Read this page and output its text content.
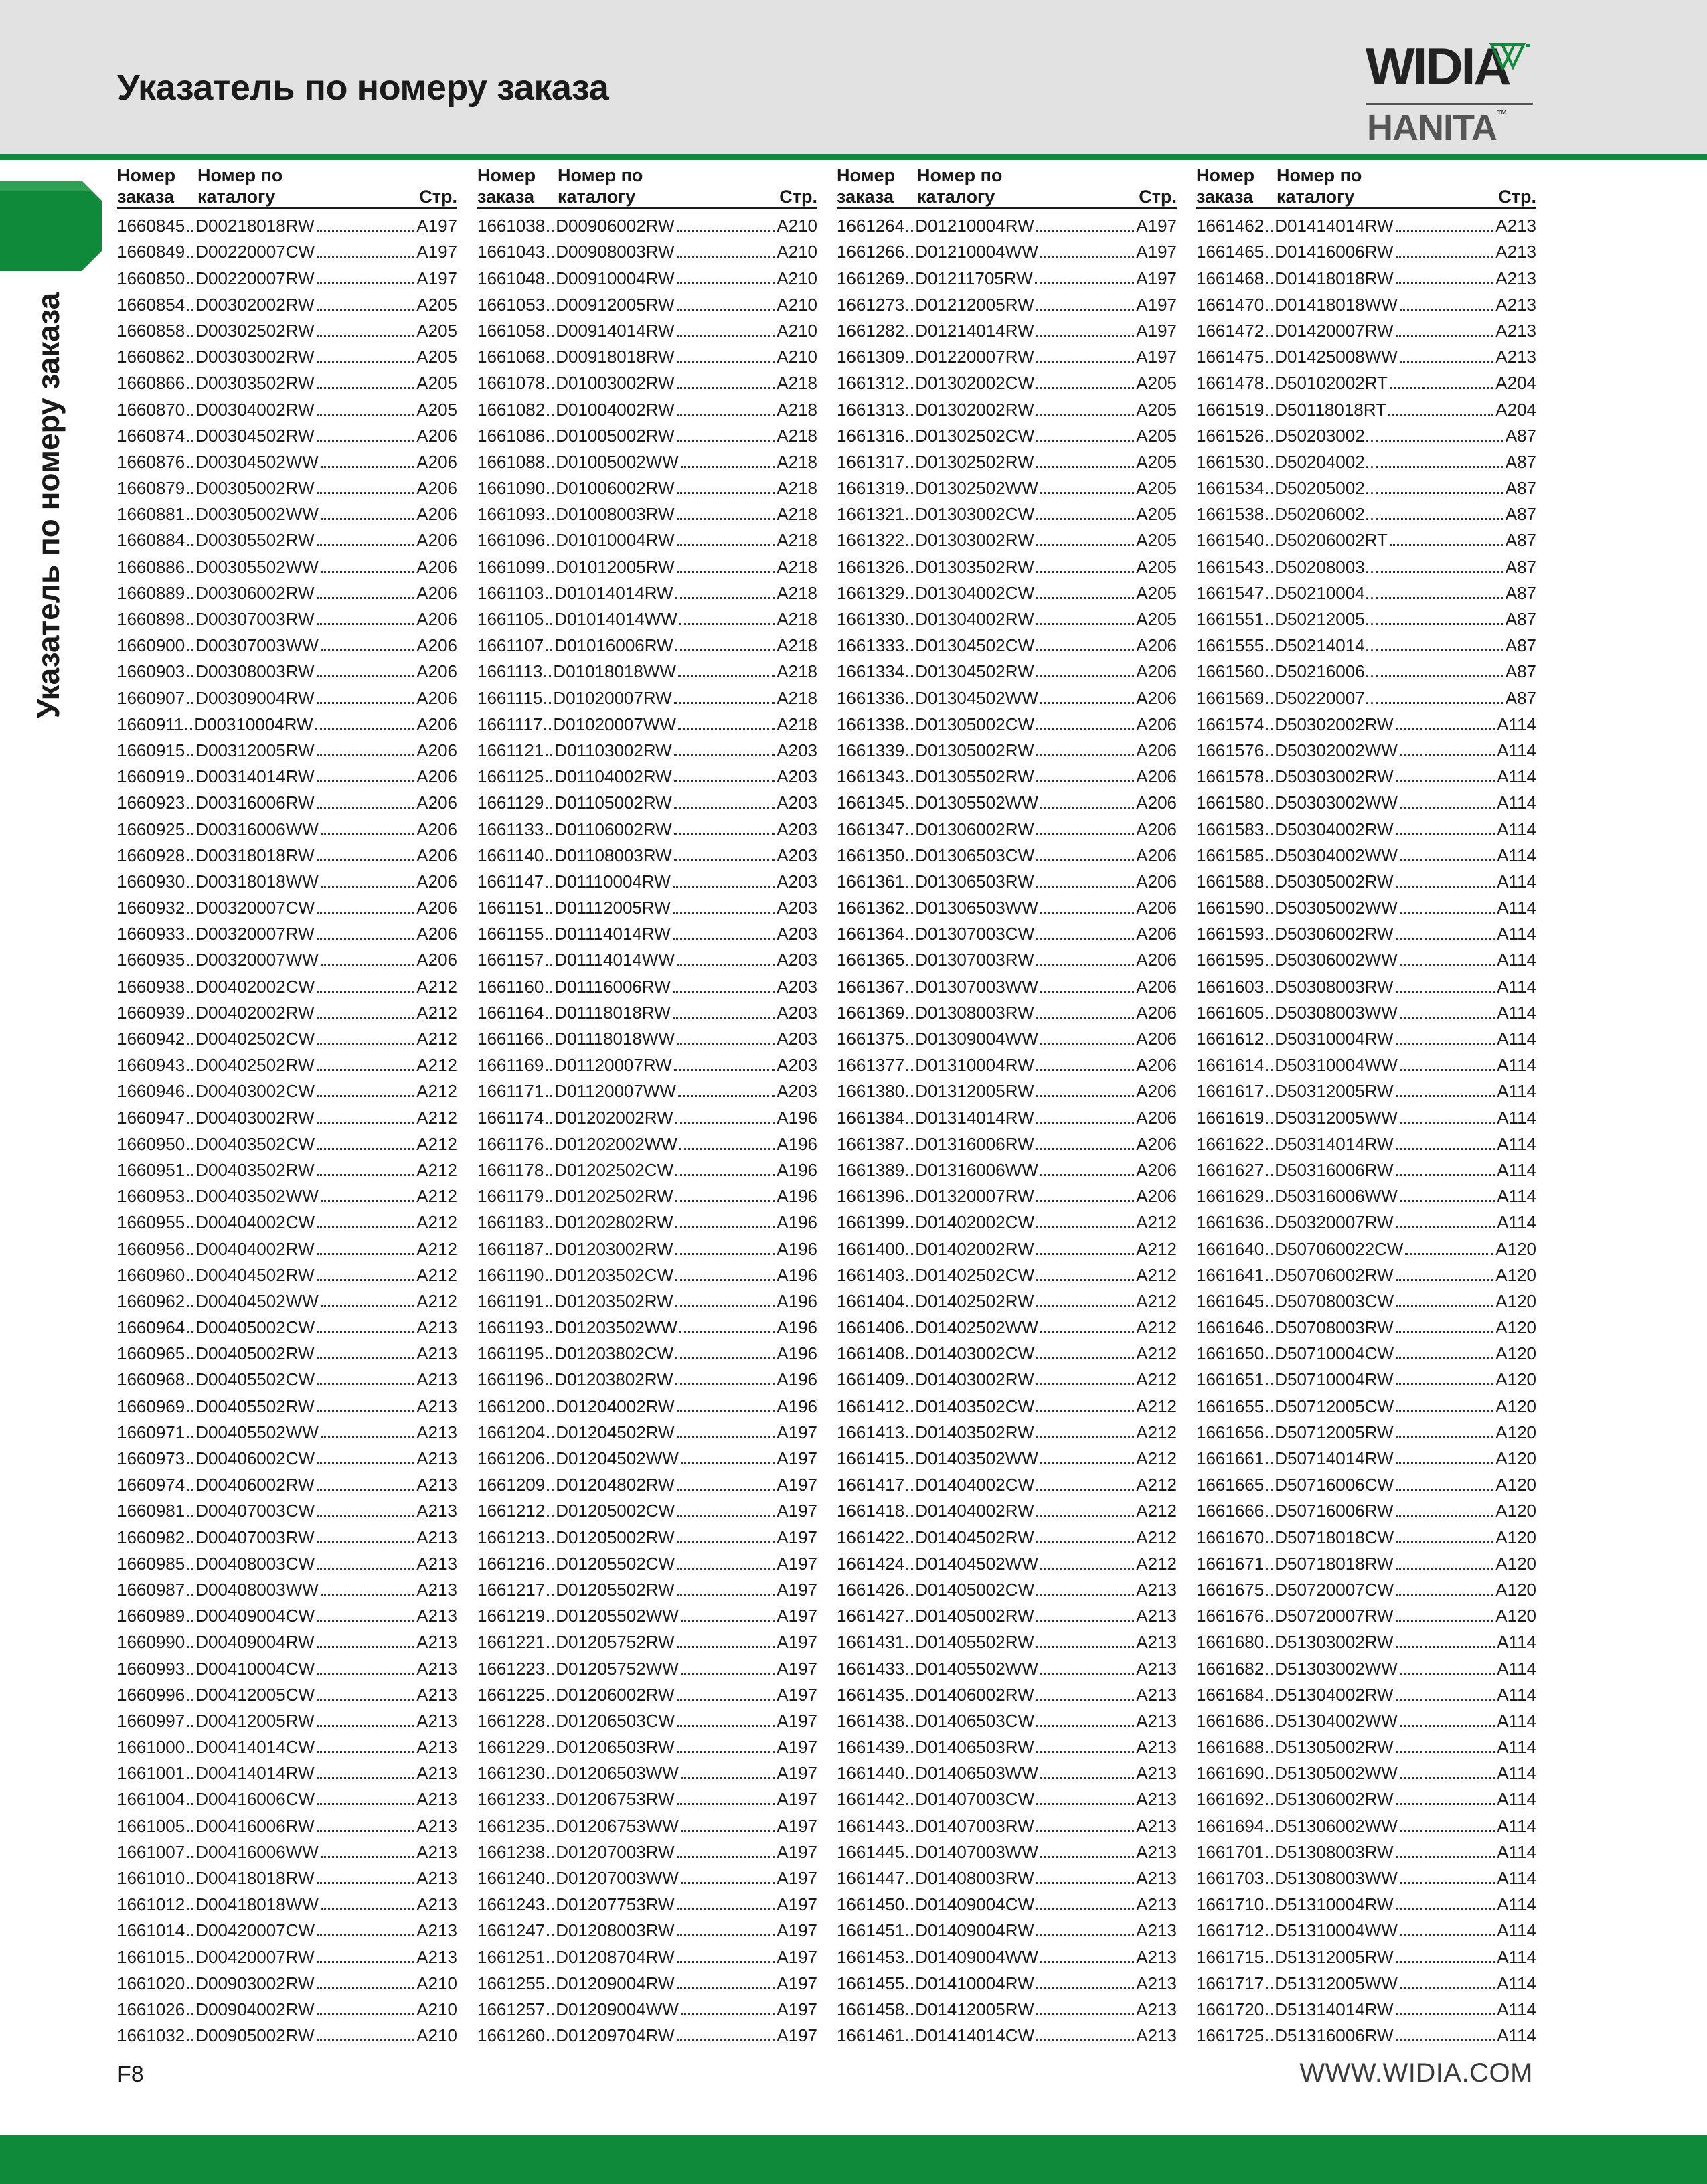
Указатель по номеру заказа	WIDIA
HANITA™
Указатель по номеру заказа
Номер
заказа
Номер по
каталогу	Стр.
1660845 D00218018RW	A197
1660849 D00220007CW	A197
1660850 D00220007RW	A197
1660854 D00302002RW	A205
1660858 D00302502RW	A205
1660862 D00303002RW	A205
1660866 D00303502RW	A205
1660870 D00304002RW	A205
1660874 D00304502RW	A206
1660876 D00304502WW	A206
1660879 D00305002RW	A206
1660881 D00305002WW	A206
1660884 D00305502RW	A206
1660886 D00305502WW	A206
1660889 D00306002RW	A206
1660898 D00307003RW	A206
1660900 D00307003WW	A206
1660903 D00308003RW	A206
1660907 D00309004RW	A206
1660911 D00310004RW	A206
1660915 D00312005RW	A206
1660919 D00314014RW	A206
1660923 D00316006RW	A206
1660925 D00316006WW	A206
1660928 D00318018RW	A206
1660930 D00318018WW	A206
1660932 D00320007CW	A206
1660933 D00320007RW	A206
1660935 D00320007WW	A206
1660938 D00402002CW	A212
1660939 D00402002RW	A212
1660942 D00402502CW	A212
1660943 D00402502RW	A212
1660946 D00403002CW	A212
1660947 D00403002RW	A212
1660950 D00403502CW	A212
1660951 D00403502RW	A212
1660953 D00403502WW	A212
1660955 D00404002CW	A212
1660956 D00404002RW	A212
1660960 D00404502RW	A212
1660962 D00404502WW	A212
1660964 D00405002CW	A213
1660965 D00405002RW	A213
1660968 D00405502CW	A213
1660969 D00405502RW	A213
1660971 D00405502WW	A213
1660973 D00406002CW	A213
1660974 D00406002RW	A213
1660981 D00407003CW	A213
1660982 D00407003RW	A213
1660985 D00408003CW	A213
1660987 D00408003WW	A213
1660989 D00409004CW	A213
1660990 D00409004RW	A213
1660993 D00410004CW	A213
1660996 D00412005CW	A213
1660997 D00412005RW	A213
1661000 D00414014CW	A213
1661001 D00414014RW	A213
1661004 D00416006CW	A213
1661005 D00416006RW	A213
1661007 D00416006WW	A213
1661010 D00418018RW	A213
1661012 D00418018WW	A213
1661014 D00420007CW	A213
1661015 D00420007RW	A213
1661020 D00903002RW	A210
1661026 D00904002RW	A210
1661032 D00905002RW	A210
Номер
заказа
Номер по
каталогу	Стр.
1661038 D00906002RW	A210
1661043 D00908003RW	A210
1661048 D00910004RW	A210
1661053 D00912005RW	A210
1661058 D00914014RW	A210
1661068 D00918018RW	A210
1661078 D01003002RW	A218
1661082 D01004002RW	A218
1661086 D01005002RW	A218
1661088 D01005002WW	A218
1661090 D01006002RW	A218
1661093 D01008003RW	A218
1661096 D01010004RW	A218
1661099 D01012005RW	A218
1661103 D01014014RW	A218
1661105 D01014014WW	A218
1661107 D01016006RW	A218
1661113 D01018018WW	A218
1661115 D01020007RW	A218
1661117 D01020007WW	A218
1661121 D01103002RW	A203
1661125 D01104002RW	A203
1661129 D01105002RW	A203
1661133 D01106002RW	A203
1661140 D01108003RW	A203
1661147 D01110004RW	A203
1661151 D01112005RW	A203
1661155 D01114014RW	A203
1661157 D01114014WW	A203
1661160 D01116006RW	A203
1661164 D01118018RW	A203
1661166 D01118018WW	A203
1661169 D01120007RW	A203
1661171 D01120007WW	A203
1661174 D01202002RW	A196
1661176 D01202002WW	A196
1661178 D01202502CW	A196
1661179 D01202502RW	A196
1661183 D01202802RW	A196
1661187 D01203002RW	A196
1661190 D01203502CW	A196
1661191 D01203502RW	A196
1661193 D01203502WW	A196
1661195 D01203802CW	A196
1661196 D01203802RW	A196
1661200 D01204002RW	A196
1661204 D01204502RW	A197
1661206 D01204502WW	A197
1661209 D01204802RW	A197
1661212 D01205002CW	A197
1661213 D01205002RW	A197
1661216 D01205502CW	A197
1661217 D01205502RW	A197
1661219 D01205502WW	A197
1661221 D01205752RW	A197
1661223 D01205752WW	A197
1661225 D01206002RW	A197
1661228 D01206503CW	A197
1661229 D01206503RW	A197
1661230 D01206503WW	A197
1661233 D01206753RW	A197
1661235 D01206753WW	A197
1661238 D01207003RW	A197
1661240 D01207003WW	A197
1661243 D01207753RW	A197
1661247 D01208003RW	A197
1661251 D01208704RW	A197
1661255 D01209004RW	A197
1661257 D01209004WW	A197
1661260 D01209704RW	A197
Номер
заказа
Номер по
каталогу	Стр.
1661264 D01210004RW	A197
1661266 D01210004WW	A197
1661269 D01211705RW	A197
1661273 D01212005RW	A197
1661282 D01214014RW	A197
1661309 D01220007RW	A197
1661312 D01302002CW	A205
1661313 D01302002RW	A205
1661316 D01302502CW	A205
1661317 D01302502RW	A205
1661319 D01302502WW	A205
1661321 D01303002CW	A205
1661322 D01303002RW	A205
1661326 D01303502RW	A205
1661329 D01304002CW	A205
1661330 D01304002RW	A205
1661333 D01304502CW	A206
1661334 D01304502RW	A206
1661336 D01304502WW	A206
1661338 D01305002CW	A206
1661339 D01305002RW	A206
1661343 D01305502RW	A206
1661345 D01305502WW	A206
1661347 D01306002RW	A206
1661350 D01306503CW	A206
1661361 D01306503RW	A206
1661362 D01306503WW	A206
1661364 D01307003CW	A206
1661365 D01307003RW	A206
1661367 D01307003WW	A206
1661369 D01308003RW	A206
1661375 D01309004WW	A206
1661377 D01310004RW	A206
1661380 D01312005RW	A206
1661384 D01314014RW	A206
1661387 D01316006RW	A206
1661389 D01316006WW	A206
1661396 D01320007RW	A206
1661399 D01402002CW	A212
1661400 D01402002RW	A212
1661403 D01402502CW	A212
1661404 D01402502RW	A212
1661406 D01402502WW	A212
1661408 D01403002CW	A212
1661409 D01403002RW	A212
1661412 D01403502CW	A212
1661413 D01403502RW	A212
1661415 D01403502WW	A212
1661417 D01404002CW	A212
1661418 D01404002RW	A212
1661422 D01404502RW	A212
1661424 D01404502WW	A212
1661426 D01405002CW	A213
1661427 D01405002RW	A213
1661431 D01405502RW	A213
1661433 D01405502WW	A213
1661435 D01406002RW	A213
1661438 D01406503CW	A213
1661439 D01406503RW	A213
1661440 D01406503WW	A213
1661442 D01407003CW	A213
1661443 D01407003RW	A213
1661445 D01407003WW	A213
1661447 D01408003RW	A213
1661450 D01409004CW	A213
1661451 D01409004RW	A213
1661453 D01409004WW	A213
1661455 D01410004RW	A213
1661458 D01412005RW	A213
1661461 D01414014CW	A213
Номер
заказа
Номер по
каталогу	Стр.
1661462 D01414014RW	A213
1661465 D01416006RW	A213
1661468 D01418018RW	A213
1661470 D01418018WW	A213
1661472 D01420007RW	A213
1661475 D01425008WW	A213
1661478 D50102002RT	A204
1661519 D50118018RT	A204
1661526 D50203002..	A87
1661530 D50204002..	A87
1661534 D50205002..	A87
1661538 D50206002..	A87
1661540 D50206002RT	A87
1661543 D50208003..	A87
1661547 D50210004..	A87
1661551 D50212005..	A87
1661555 D50214014..	A87
1661560 D50216006..	A87
1661569 D50220007..	A87
1661574 D50302002RW	A114
1661576 D50302002WW	A114
1661578 D50303002RW	A114
1661580 D50303002WW	A114
1661583 D50304002RW	A114
1661585 D50304002WW	A114
1661588 D50305002RW	A114
1661590 D50305002WW	A114
1661593 D50306002RW	A114
1661595 D50306002WW	A114
1661603 D50308003RW	A114
1661605 D50308003WW	A114
1661612 D50310004RW	A114
1661614 D50310004WW	A114
1661617 D50312005RW	A114
1661619 D50312005WW	A114
1661622 D50314014RW	A114
1661627 D50316006RW	A114
1661629 D50316006WW	A114
1661636 D50320007RW	A114
1661640 D507060022CW	A120
1661641 D50706002RW	A120
1661645 D50708003CW	A120
1661646 D50708003RW	A120
1661650 D50710004CW	A120
1661651 D50710004RW	A120
1661655 D50712005CW	A120
1661656 D50712005RW	A120
1661661 D50714014RW	A120
1661665 D50716006CW	A120
1661666 D50716006RW	A120
1661670 D50718018CW	A120
1661671 D50718018RW	A120
1661675 D50720007CW	A120
1661676 D50720007RW	A120
1661680 D51303002RW	A114
1661682 D51303002WW	A114
1661684 D51304002RW	A114
1661686 D51304002WW	A114
1661688 D51305002RW	A114
1661690 D51305002WW	A114
1661692 D51306002RW	A114
1661694 D51306002WW	A114
1661701 D51308003RW	A114
1661703 D51308003WW	A114
1661710 D51310004RW	A114
1661712 D51310004WW	A114
1661715 D51312005RW	A114
1661717 D51312005WW	A114
1661720 D51314014RW	A114
1661725 D51316006RW	A114
F8	WWW.WIDIA.COM
